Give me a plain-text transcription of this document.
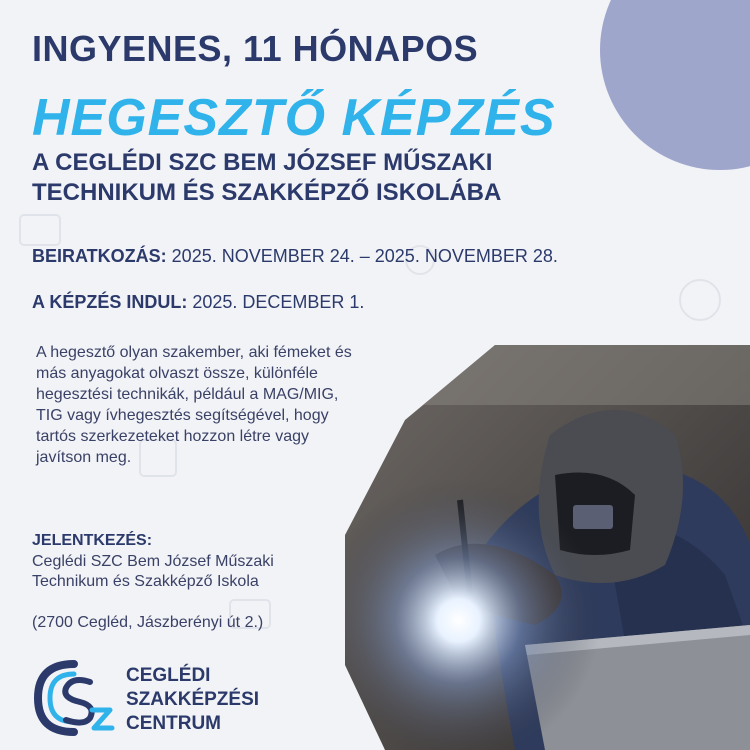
INGYENES, 11 HÓNAPOS
HEGESZTŐ KÉPZÉS
A CEGLÉDI SZC BEM JÓZSEF MŰSZAKI
TECHNIKUM ÉS SZAKKÉPZŐ ISKOLÁBA
BEIRATKOZÁS: 2025. NOVEMBER 24. – 2025. NOVEMBER 28.
A KÉPZÉS INDUL: 2025. DECEMBER 1.
A hegesztő olyan szakember, aki fémeket és más anyagokat olvaszt össze, különféle hegesztési technikák, például a MAG/MIG, TIG vagy ívhegesztés segítségével, hogy tartós szerkezeteket hozzon létre vagy javítson meg.
JELENTKEZÉS:
Ceglédi SZC Bem József Műszaki
Technikum és Szakképző Iskola
(2700 Cegléd, Jászberényi út 2.)
CEGLÉDI
SZAKKÉPZÉSI
CENTRUM
